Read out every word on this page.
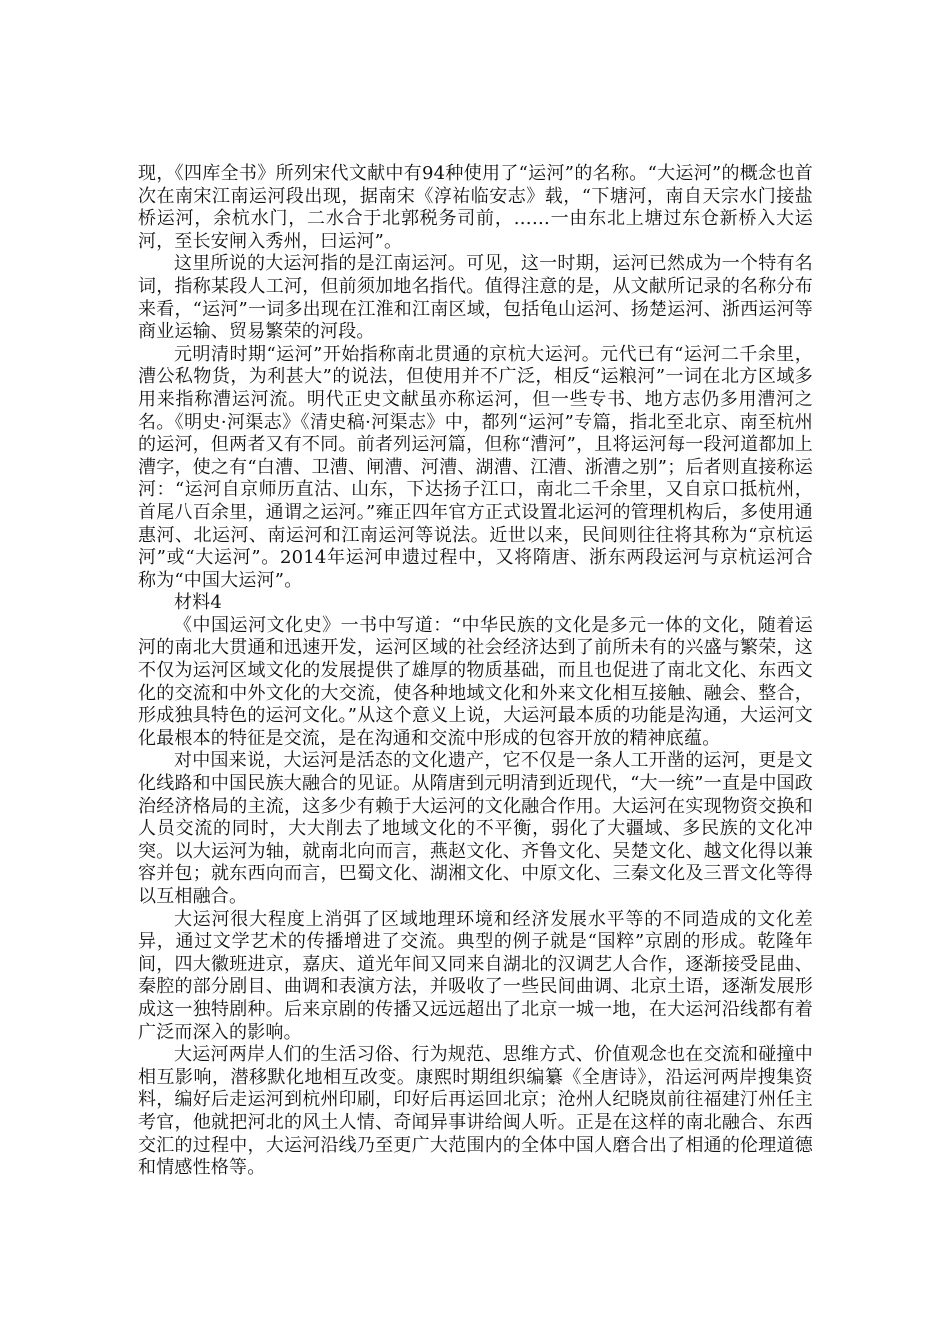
现，《四库全书》所列宋代文献中有94种使用了“运河”的名称。“大运河”的概念也首次在南宋江南运河段出现，据南宋《淳祐临安志》载，“下塘河，南自天宗水门接盐桥运河，余杭水门，二水合于北郭税务司前，……一由东北上塘过东仓新桥入大运河，至长安闸入秀州，曰运河”。

这里所说的大运河指的是江南运河。可见，这一时期，运河已然成为一个特有名词，指称某段人工河，但前须加地名指代。值得注意的是，从文献所记录的名称分布来看，“运河”一词多出现在江淮和江南区域，包括龟山运河、扬楚运河、浙西运河等商业运输、贸易繁荣的河段。

元明清时期“运河”开始指称南北贯通的京杭大运河。元代已有“运河二千余里，漕公私物货，为利甚大”的说法，但使用并不广泛，相反“运粮河”一词在北方区域多用来指称漕运河流。明代正史文献虽亦称运河，但一些专书、地方志仍多用漕河之名。《明史·河渠志》《清史稿·河渠志》中，都列“运河”专篇，指北至北京、南至杭州的运河，但两者又有不同。前者列运河篇，但称“漕河”，且将运河每一段河道都加上漕字，使之有“白漕、卫漕、闸漕、河漕、湖漕、江漕、浙漕之别”；后者则直接称运河：“运河自京师历直沽、山东，下达扬子江口，南北二千余里，又自京口抵杭州，首尾八百余里，通谓之运河。”雍正四年官方正式设置北运河的管理机构后，多使用通惠河、北运河、南运河和江南运河等说法。近世以来，民间则往往将其称为“京杭运河”或“大运河”。2014年运河申遗过程中，又将隋唐、浙东两段运河与京杭运河合称为“中国大运河”。

材料4

《中国运河文化史》一书中写道：“中华民族的文化是多元一体的文化，随着运河的南北大贯通和迅速开发，运河区域的社会经济达到了前所未有的兴盛与繁荣，这不仅为运河区域文化的发展提供了雄厚的物质基础，而且也促进了南北文化、东西文化的交流和中外文化的大交流，使各种地域文化和外来文化相互接触、融会、整合，形成独具特色的运河文化。”从这个意义上说，大运河最本质的功能是沟通，大运河文化最根本的特征是交流，是在沟通和交流中形成的包容开放的精神底蕴。

对中国来说，大运河是活态的文化遗产，它不仅是一条人工开凿的运河，更是文化线路和中国民族大融合的见证。从隋唐到元明清到近现代，“大一统”一直是中国政治经济格局的主流，这多少有赖于大运河的文化融合作用。大运河在实现物资交换和人员交流的同时，大大削去了地域文化的不平衡，弱化了大疆域、多民族的文化冲突。以大运河为轴，就南北向而言，燕赵文化、齐鲁文化、吴楚文化、越文化得以兼容并包；就东西向而言，巴蜀文化、湖湘文化、中原文化、三秦文化及三晋文化等得以互相融合。

大运河很大程度上消弭了区域地理环境和经济发展水平等的不同造成的文化差异，通过文学艺术的传播增进了交流。典型的例子就是“国粹”京剧的形成。乾隆年间，四大徽班进京，嘉庆、道光年间又同来自湖北的汉调艺人合作，逐渐接受昆曲、秦腔的部分剧目、曲调和表演方法，并吸收了一些民间曲调、北京土语，逐渐发展形成这一独特剧种。后来京剧的传播又远远超出了北京一城一地，在大运河沿线都有着广泛而深入的影响。

大运河两岸人们的生活习俗、行为规范、思维方式、价值观念也在交流和碰撞中相互影响，潜移默化地相互改变。康熙时期组织编纂《全唐诗》，沿运河两岸搜集资料，编好后走运河到杭州印刷，印好后再运回北京；沧州人纪晓岚前往福建汀州任主考官，他就把河北的风土人情、奇闻异事讲给闽人听。正是在这样的南北融合、东西交汇的过程中，大运河沿线乃至更广大范围内的全体中国人磨合出了相通的伦理道德和情感性格等。
